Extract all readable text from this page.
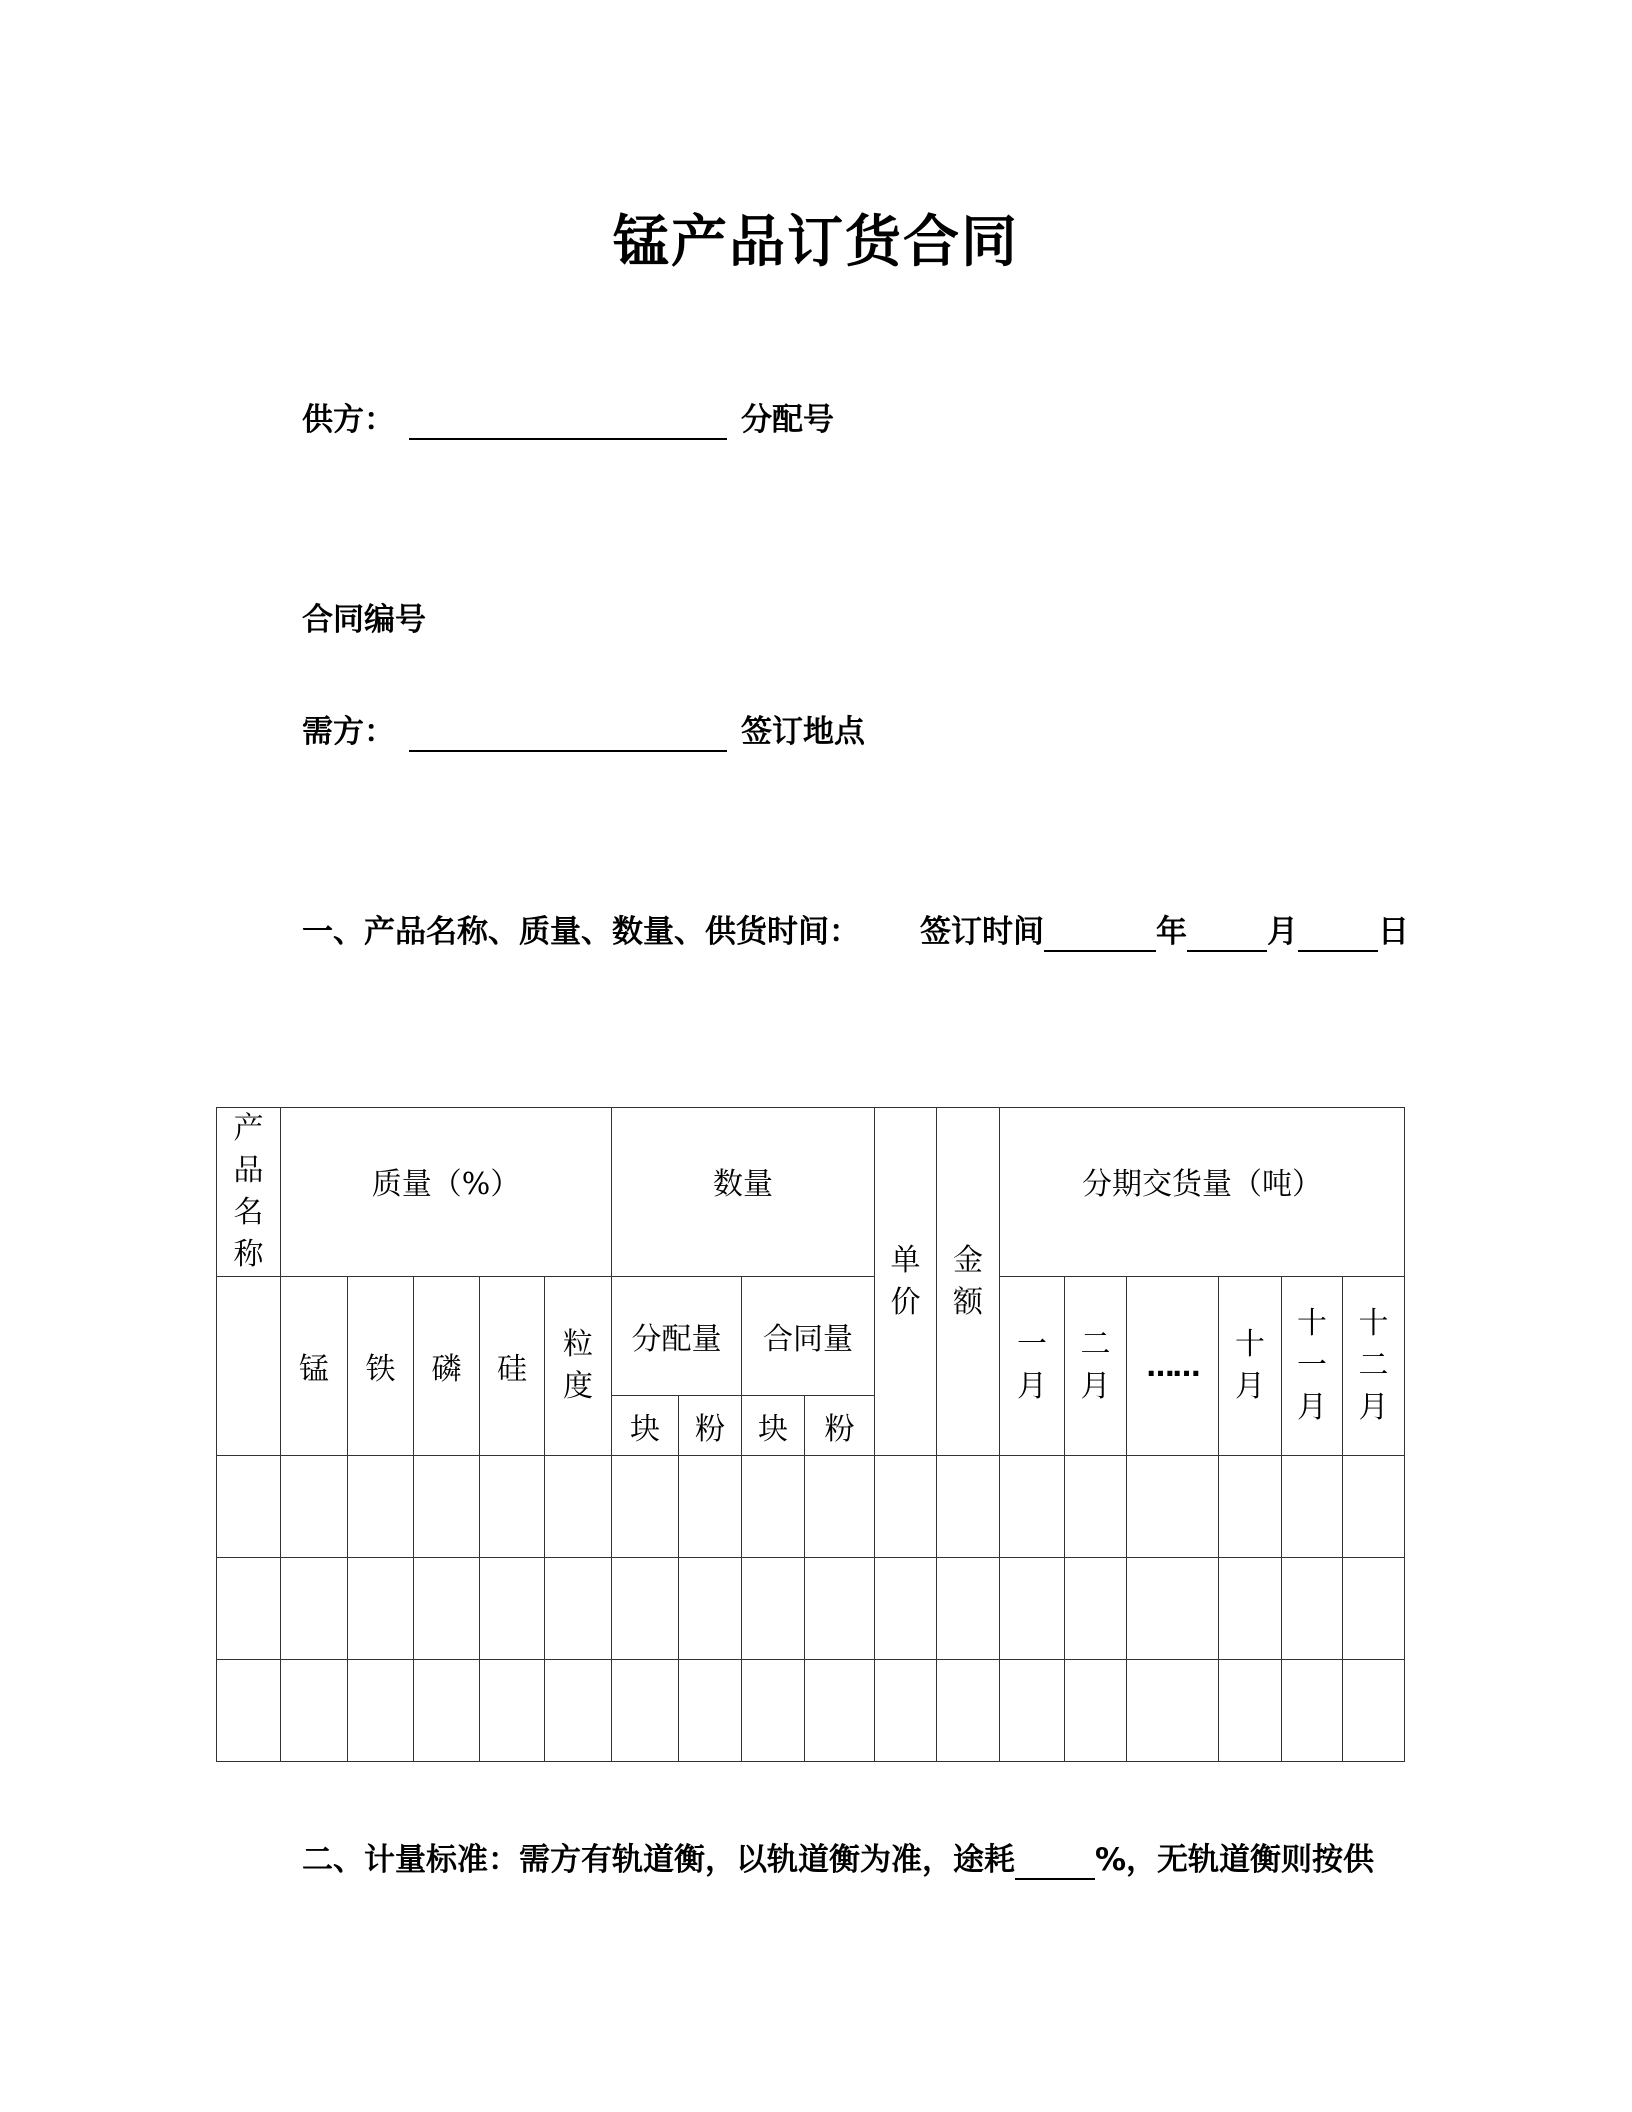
锰产品订货合同
供方：	分配号
合同编号
需方：	签订地点
一、产品名称、质量、数量、供货时间： 签订时间	年	月	日
产品名称	质量（%）					数量				单价	金额	分期交货量（吨）					
	锰	铁	磷	硅	粒度	分配量		合同量				一月	二月	……	十月	十一月	十二月
						块	粉	块	粉								

二、计量标准：需方有轨道衡，以轨道衡为准，途耗	%，无轨道衡则按供
